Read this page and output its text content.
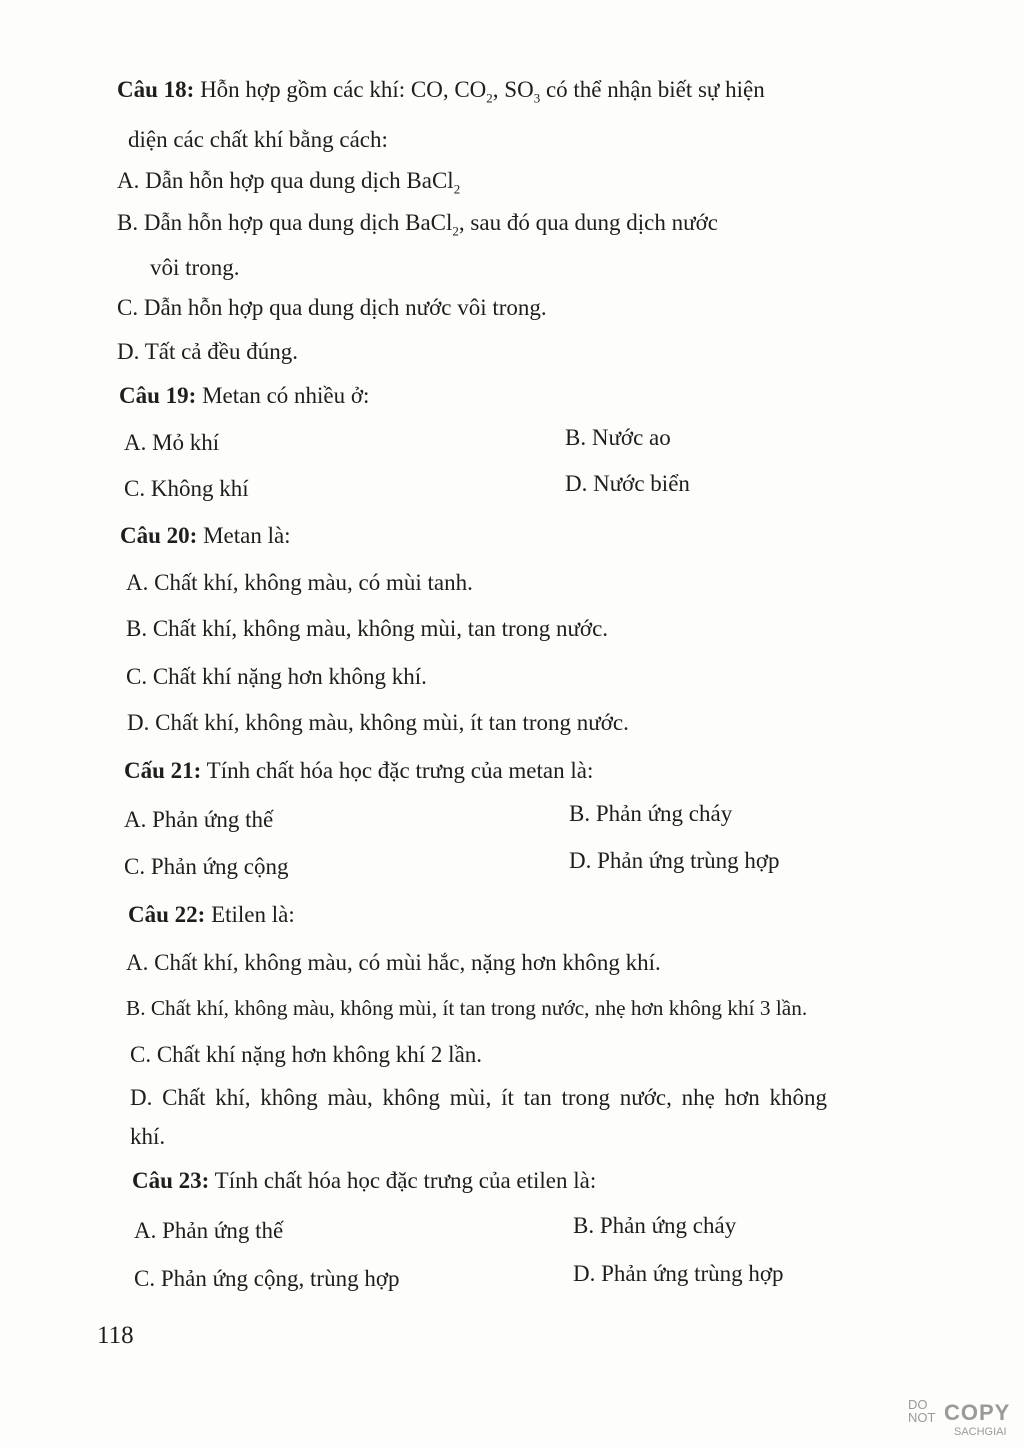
Câu 18: Hỗn hợp gồm các khí: CO, $CO_2$, $SO_3$ có thể nhận biết sự hiện
diện các chất khí bằng cách:
A. Dẫn hỗn hợp qua dung dịch BaCl$_2$
B. Dẫn hỗn hợp qua dung dịch BaCl$_2$, sau đó qua dung dịch nước
vôi trong.
C. Dẫn hỗn hợp qua dung dịch nước vôi trong.
D. Tất cả đều đúng.
Câu 19: Metan có nhiều ở:
A. Mỏ khí	B. Nước ao
C. Không khí	D. Nước biển
Câu 20: Metan là:
A. Chất khí, không màu, có mùi tanh.
B. Chất khí, không màu, không mùi, tan trong nước.
C. Chất khí nặng hơn không khí.
D. Chất khí, không màu, không mùi, ít tan trong nước.
Cấu 21: Tính chất hóa học đặc trưng của metan là:
A. Phản ứng thế	B. Phản ứng cháy
C. Phản ứng cộng	D. Phản ứng trùng hợp
Câu 22: Etilen là:
A. Chất khí, không màu, có mùi hắc, nặng hơn không khí.
B. Chất khí, không màu, không mùi, ít tan trong nước, nhẹ hơn không khí 3 lần.
C. Chất khí nặng hơn không khí 2 lần.
D. Chất khí, không màu, không mùi, ít tan trong nước, nhẹ hơn không
khí.
Câu 23: Tính chất hóa học đặc trưng của etilen là:
A. Phản ứng thế	B. Phản ứng cháy
C. Phản ứng cộng, trùng hợp	D. Phản ứng trùng hợp
118
DO
NOT COPY
SACHGIAI
